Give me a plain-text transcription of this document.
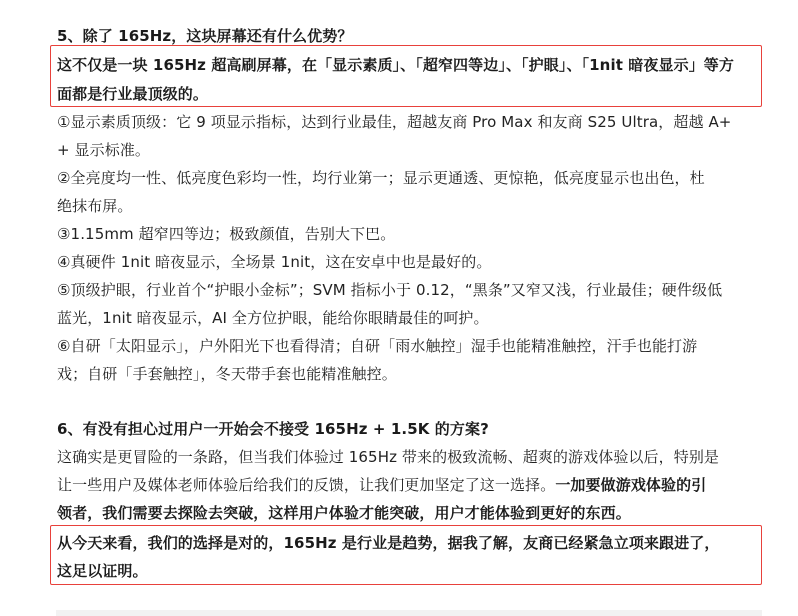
5、除了 165Hz，这块屏幕还有什么优势？
这不仅是一块 165Hz 超高刷屏幕，在「显示素质」、「超窄四等边」、「护眼」、「1nit 暗夜显示」等方
面都是行业最顶级的。
①显示素质顶级：它 9 项显示指标，达到行业最佳，超越友商 Pro Max 和友商 S25 Ultra，超越 A+
+ 显示标准。
②全亮度均一性、低亮度色彩均一性，均行业第一；显示更通透、更惊艳，低亮度显示也出色，杜
绝抹布屏。
③1.15mm 超窄四等边；极致颜值，告别大下巴。
④真硬件 1nit 暗夜显示，全场景 1nit，这在安卓中也是最好的。
⑤顶级护眼，行业首个“护眼小金标”；SVM 指标小于 0.12，“黑条”又窄又浅，行业最佳；硬件级低
蓝光，1nit 暗夜显示，AI 全方位护眼，能给你眼睛最佳的呵护。
⑥自研「太阳显示」，户外阳光下也看得清；自研「雨水触控」湿手也能精准触控，汗手也能打游
戏；自研「手套触控」，冬天带手套也能精准触控。
6、有没有担心过用户一开始会不接受 165Hz + 1.5K 的方案?
这确实是更冒险的一条路，但当我们体验过 165Hz 带来的极致流畅、超爽的游戏体验以后，特别是
让一些用户及媒体老师体验后给我们的反馈，让我们更加坚定了这一选择。一加要做游戏体验的引
领者，我们需要去探险去突破，这样用户体验才能突破，用户才能体验到更好的东西。
从今天来看，我们的选择是对的，165Hz 是行业是趋势，据我了解，友商已经紧急立项来跟进了，
这足以证明。
